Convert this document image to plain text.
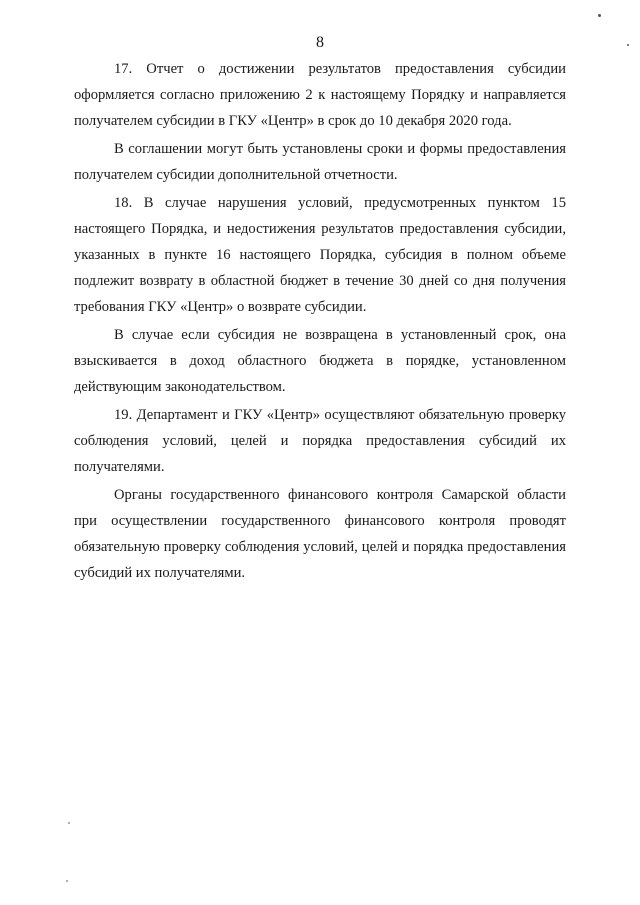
8

17. Отчет о достижении результатов предоставления субсидии оформляется согласно приложению 2 к настоящему Порядку и направляется получателем субсидии в ГКУ «Центр» в срок до 10 декабря 2020 года.

В соглашении могут быть установлены сроки и формы предоставления получателем субсидии дополнительной отчетности.

18. В случае нарушения условий, предусмотренных пунктом 15 настоящего Порядка, и недостижения результатов предоставления субсидии, указанных в пункте 16 настоящего Порядка, субсидия в полном объеме подлежит возврату в областной бюджет в течение 30 дней со дня получения требования ГКУ «Центр» о возврате субсидии.

В случае если субсидия не возвращена в установленный срок, она взыскивается в доход областного бюджета в порядке, установленном действующим законодательством.

19. Департамент и ГКУ «Центр» осуществляют обязательную проверку соблюдения условий, целей и порядка предоставления субсидий их получателями.

Органы государственного финансового контроля Самарской области при осуществлении государственного финансового контроля проводят обязательную проверку соблюдения условий, целей и порядка предоставления субсидий их получателями.
